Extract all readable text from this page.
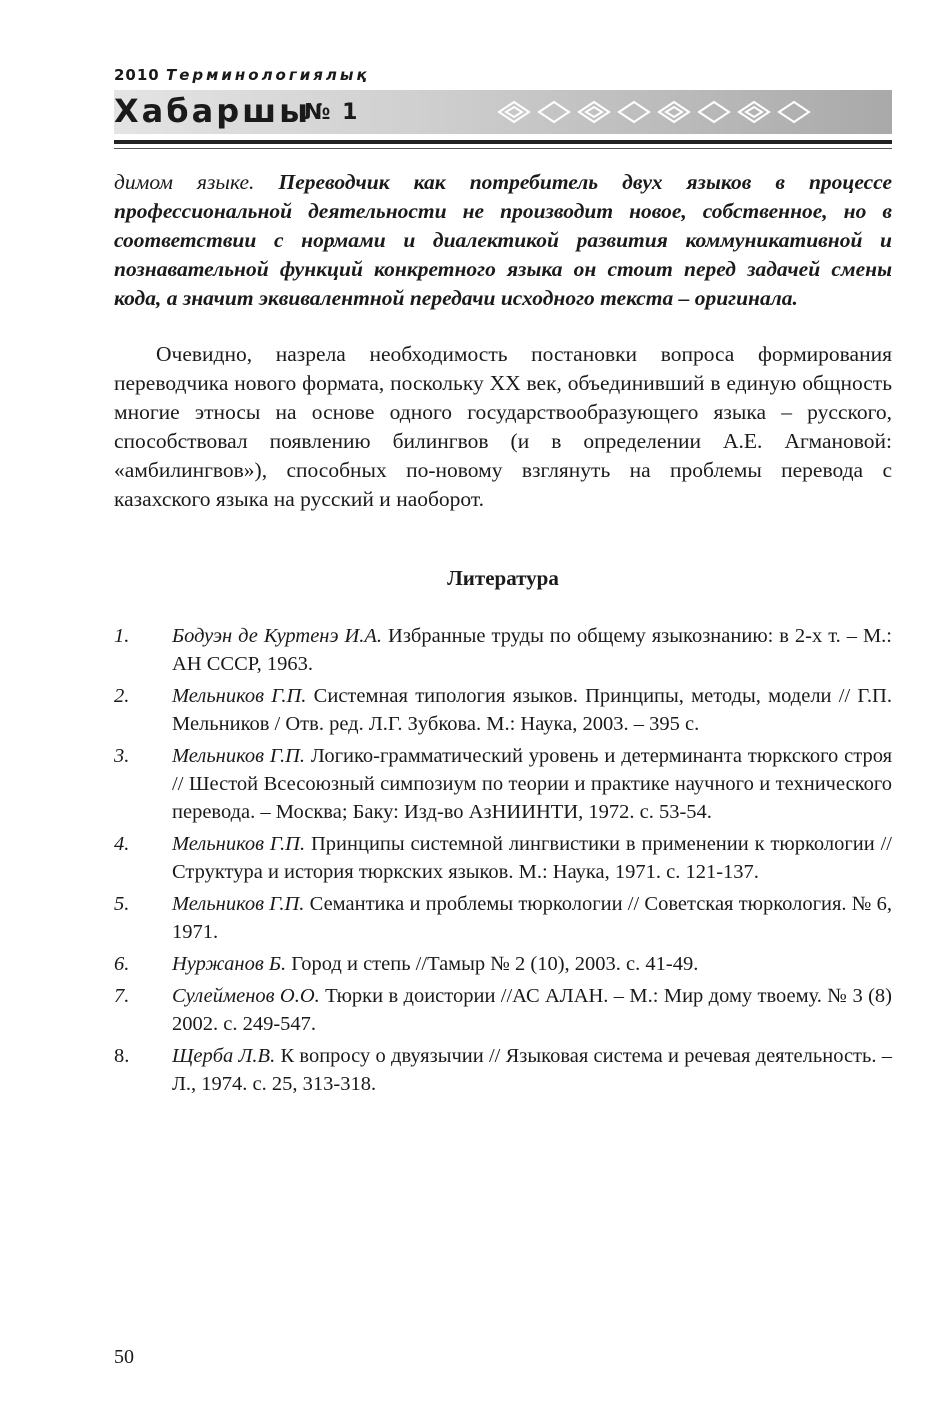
2010 Терминологиялық
Хабаршы
№ 1
димом языке. Переводчик как потребитель двух языков в процессе профессиональной деятельности не производит новое, собственное, но в соответствии с нормами и диалектикой развития коммуникативной и познавательной функций конкретного языка он стоит перед задачей смены кода, а значит эквивалентной передачи исходного текста – оригинала.
Очевидно, назрела необходимость постановки вопроса формирования переводчика нового формата, поскольку XX век, объединивший в единую общность многие этносы на основе одного государствообразующего языка – русского, способствовал появлению билингвов (и в определении А.Е. Агмановой: «амбилингвов»), способных по-новому взглянуть на проблемы перевода с казахского языка на русский и наоборот.
Литература
1. Бодуэн де Куртенэ И.А. Избранные труды по общему языкознанию: в 2-х т. – М.: АН СССР, 1963.
2. Мельников Г.П. Системная типология языков. Принципы, методы, модели // Г.П. Мельников / Отв. ред. Л.Г. Зубкова. М.: Наука, 2003. – 395 с.
3. Мельников Г.П. Логико-грамматический уровень и детерминанта тюркского строя // Шестой Всесоюзный симпозиум по теории и практике научного и технического перевода. – Москва; Баку: Изд-во АзНИИНТИ, 1972. с. 53-54.
4. Мельников Г.П. Принципы системной лингвистики в применении к тюркологии // Структура и история тюркских языков. М.: Наука, 1971. с. 121-137.
5. Мельников Г.П. Семантика и проблемы тюркологии // Советская тюркология. № 6, 1971.
6. Нуржанов Б. Город и степь //Тамыр № 2 (10), 2003. с. 41-49.
7. Сулейменов О.О. Тюрки в доистории //АС АЛАН. – М.: Мир дому твоему. № 3 (8) 2002. с. 249-547.
8. Щерба Л.В. К вопросу о двуязычии // Языковая система и речевая деятельность. – Л., 1974. с. 25, 313-318.
50
